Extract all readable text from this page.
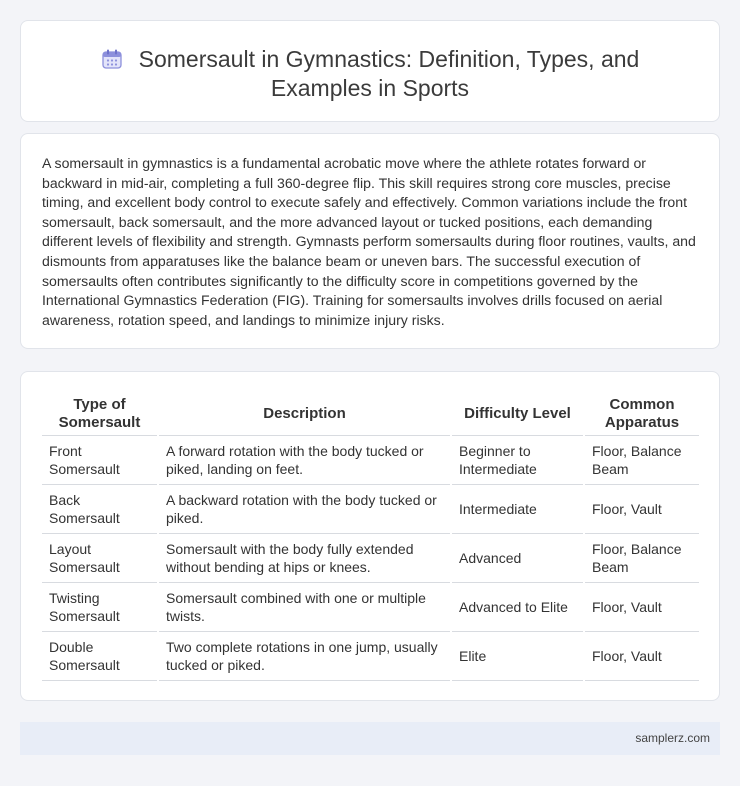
Somersault in Gymnastics: Definition, Types, and
Examples in Sports

A somersault in gymnastics is a fundamental acrobatic move where the athlete rotates forward or backward in mid-air, completing a full 360-degree flip. This skill requires strong core muscles, precise timing, and excellent body control to execute safely and effectively. Common variations include the front somersault, back somersault, and the more advanced layout or tucked positions, each demanding different levels of flexibility and strength. Gymnasts perform somersaults during floor routines, vaults, and dismounts from apparatuses like the balance beam or uneven bars. The successful execution of somersaults often contributes significantly to the difficulty score in competitions governed by the International Gymnastics Federation (FIG). Training for somersaults involves drills focused on aerial awareness, rotation speed, and landings to minimize injury risks.

Type of Somersault	Description	Difficulty Level	Common Apparatus
Front Somersault	A forward rotation with the body tucked or piked, landing on feet.	Beginner to Intermediate	Floor, Balance Beam
Back Somersault	A backward rotation with the body tucked or piked.	Intermediate	Floor, Vault
Layout Somersault	Somersault with the body fully extended without bending at hips or knees.	Advanced	Floor, Balance Beam
Twisting Somersault	Somersault combined with one or multiple twists.	Advanced to Elite	Floor, Vault
Double Somersault	Two complete rotations in one jump, usually tucked or piked.	Elite	Floor, Vault
samplerz.com
